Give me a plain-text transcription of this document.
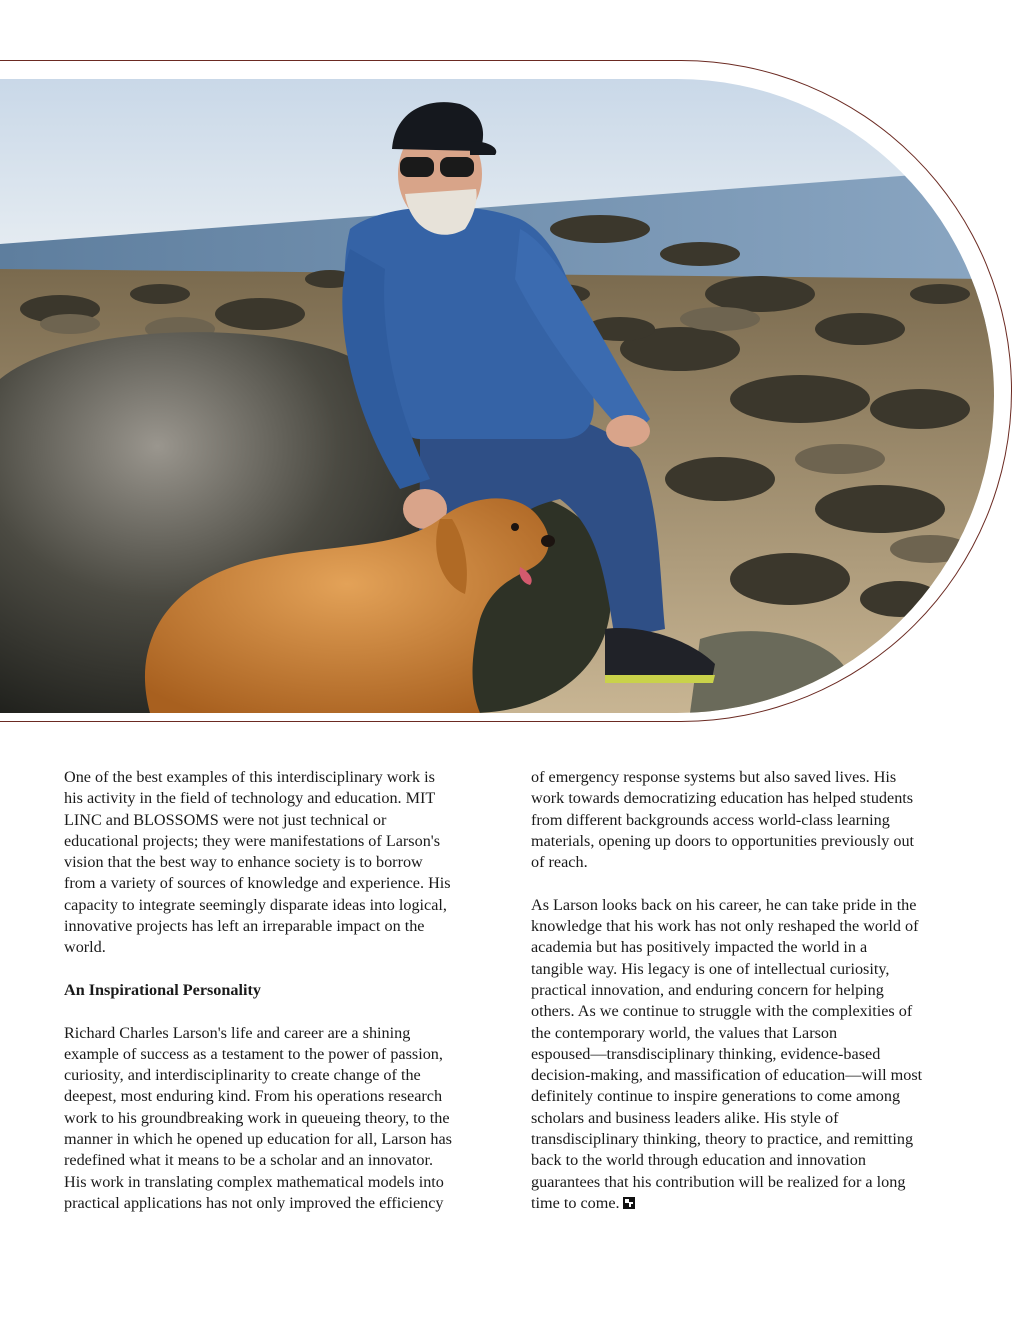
One of the best examples of this interdisciplinary work is
his activity in the field of technology and education. MIT
LINC and BLOSSOMS were not just technical or
educational projects; they were manifestations of Larson's
vision that the best way to enhance society is to borrow
from a variety of sources of knowledge and experience. His
capacity to integrate seemingly disparate ideas into logical,
innovative projects has left an irreparable impact on the
world.

An Inspirational Personality

Richard Charles Larson's life and career are a shining
example of success as a testament to the power of passion,
curiosity, and interdisciplinarity to create change of the
deepest, most enduring kind. From his operations research
work to his groundbreaking work in queueing theory, to the
manner in which he opened up education for all, Larson has
redefined what it means to be a scholar and an innovator.
His work in translating complex mathematical models into
practical applications has not only improved the efficiency

of emergency response systems but also saved lives. His
work towards democratizing education has helped students
from different backgrounds access world-class learning
materials, opening up doors to opportunities previously out
of reach.

As Larson looks back on his career, he can take pride in the
knowledge that his work has not only reshaped the world of
academia but has positively impacted the world in a
tangible way. His legacy is one of intellectual curiosity,
practical innovation, and enduring concern for helping
others. As we continue to struggle with the complexities of
the contemporary world, the values that Larson
espoused—transdisciplinary thinking, evidence-based
decision-making, and massification of education—will most
definitely continue to inspire generations to come among
scholars and business leaders alike. His style of
transdisciplinary thinking, theory to practice, and remitting
back to the world through education and innovation
guarantees that his contribution will be realized for a long
time to come.
